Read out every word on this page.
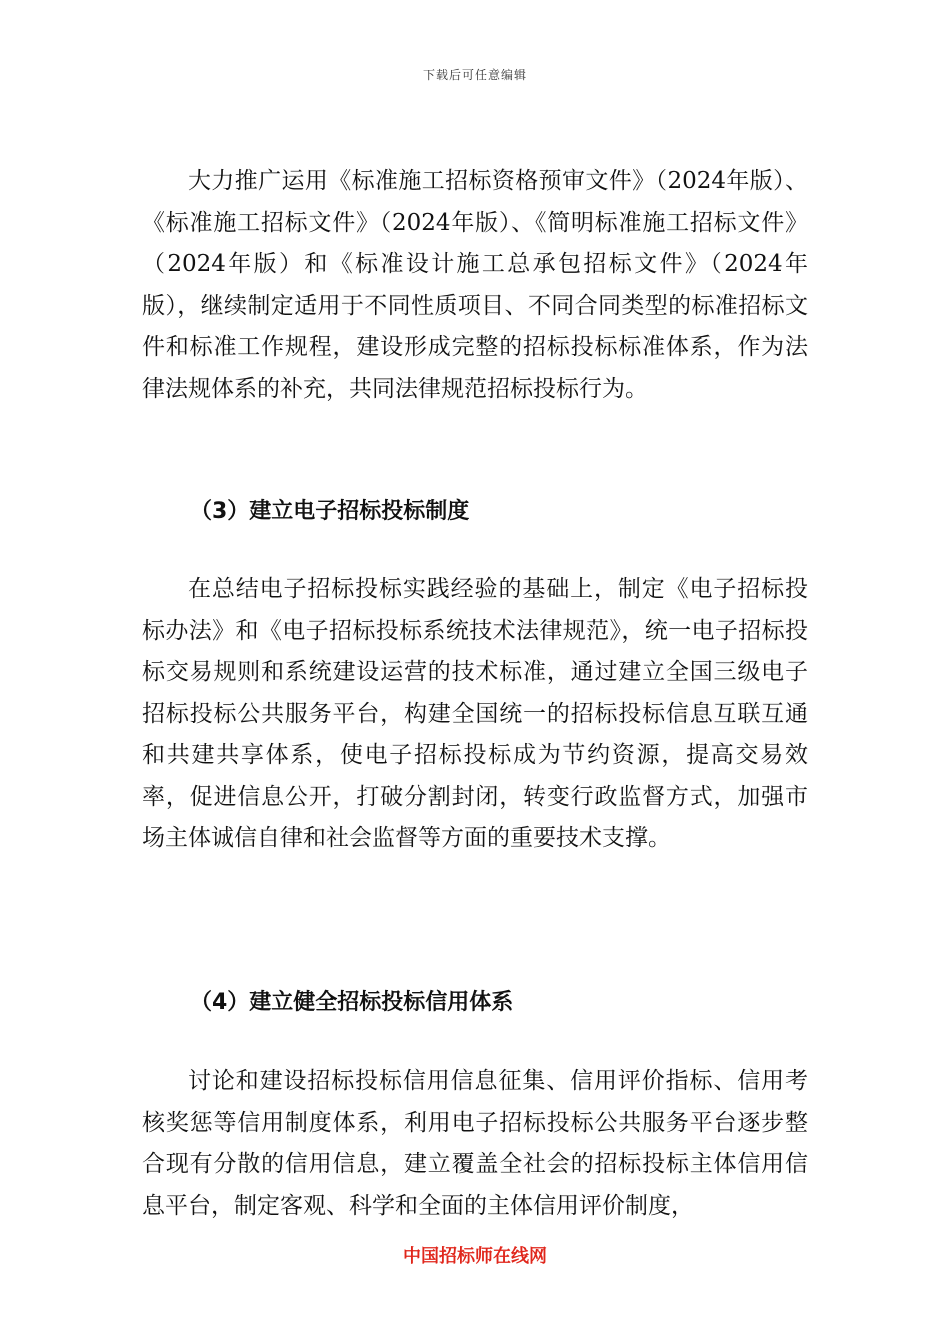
下载后可任意编辑

大力推广运用《标准施工招标资格预审文件》（2024年版）、《标准施工招标文件》（2024年版）、《简明标准施工招标文件》（2024年版）和《标准设计施工总承包招标文件》（2024年版），继续制定适用于不同性质项目、不同合同类型的标准招标文件和标准工作规程，建设形成完整的招标投标标准体系，作为法律法规体系的补充，共同法律规范招标投标行为。

（3）建立电子招标投标制度

在总结电子招标投标实践经验的基础上，制定《电子招标投标办法》和《电子招标投标系统技术法律规范》，统一电子招标投标交易规则和系统建设运营的技术标准，通过建立全国三级电子招标投标公共服务平台，构建全国统一的招标投标信息互联互通和共建共享体系，使电子招标投标成为节约资源，提高交易效率，促进信息公开，打破分割封闭，转变行政监督方式，加强市场主体诚信自律和社会监督等方面的重要技术支撑。

（4）建立健全招标投标信用体系

讨论和建设招标投标信用信息征集、信用评价指标、信用考核奖惩等信用制度体系，利用电子招标投标公共服务平台逐步整合现有分散的信用信息，建立覆盖全社会的招标投标主体信用信息平台，制定客观、科学和全面的主体信用评价制度，

中国招标师在线网
